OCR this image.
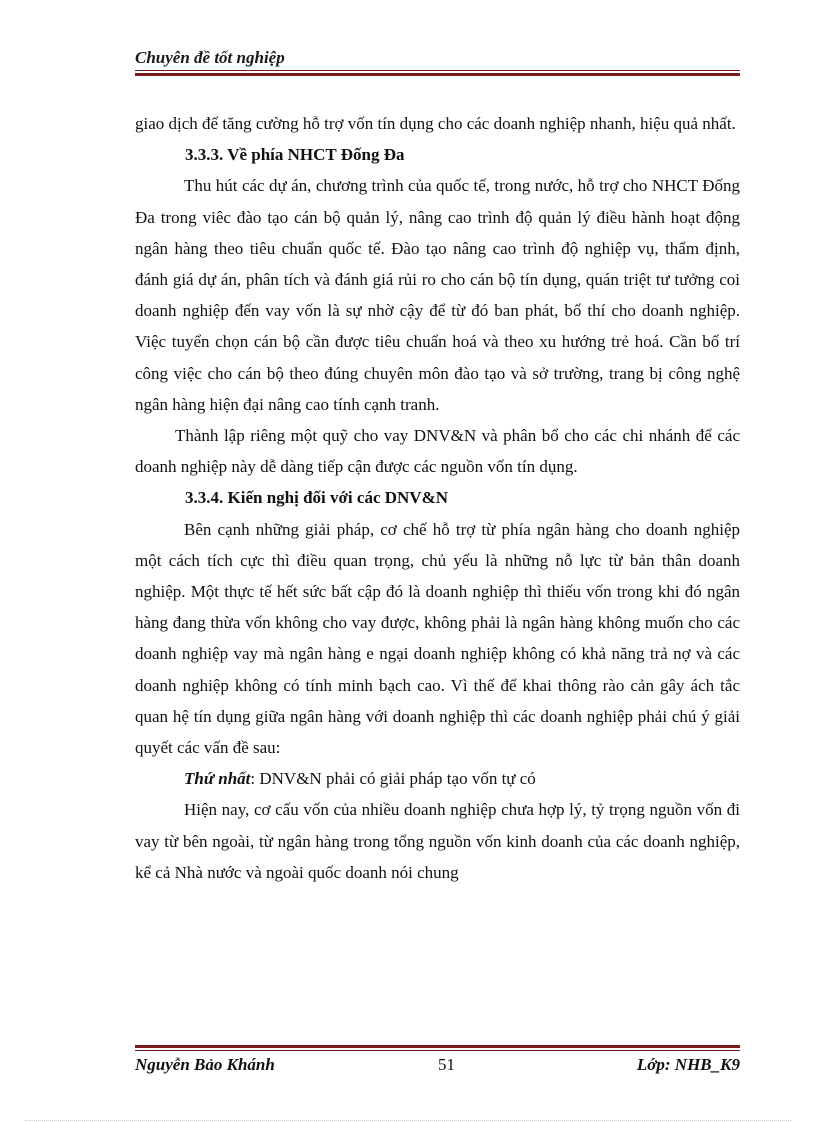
Chuyên đề tốt nghiệp

giao dịch để tăng cường hỗ trợ vốn tín dụng cho các doanh nghiệp nhanh, hiệu quả nhất.

3.3.3. Về phía NHCT Đống Đa

Thu hút các dự án, chương trình của quốc tế, trong nước, hỗ trợ cho NHCT Đống Đa trong viêc đào tạo cán bộ quản lý, nâng cao trình độ quản lý điều hành hoạt động ngân hàng theo tiêu chuẩn quốc tế. Đào tạo nâng cao trình độ nghiệp vụ, thẩm định, đánh giá dự án, phân tích và đánh giá rủi ro cho cán bộ tín dụng, quán triệt tư tưởng coi doanh nghiệp đến vay vốn là sự nhờ cậy để từ đó ban phát, bố thí cho doanh nghiệp. Việc tuyển chọn cán bộ cần được tiêu chuẩn hoá và theo xu hướng trẻ hoá. Cần bố trí công việc cho cán bộ theo đúng chuyên môn đào tạo và sở trường, trang bị công nghệ ngân hàng hiện đại nâng cao tính cạnh tranh.

Thành lập riêng một quỹ cho vay DNV&N và phân bổ cho các chi nhánh để các doanh nghiệp này dễ dàng tiếp cận được các nguồn vốn tín dụng.

3.3.4. Kiến nghị đối với các DNV&N

Bên cạnh những giải pháp, cơ chế hỗ trợ từ phía ngân hàng cho doanh nghiệp một cách tích cực thì điều quan trọng, chủ yếu là những nỗ lực từ bản thân doanh nghiệp. Một thực tế hết sức bất cập đó là doanh nghiệp thì thiếu vốn trong khi đó ngân hàng đang thừa vốn không cho vay được, không phải là ngân hàng không muốn cho các doanh nghiệp vay mà ngân hàng e ngại doanh nghiệp không có khả năng trả nợ và các doanh nghiệp không có tính minh bạch cao. Vì thế để khai thông rào cản gây ách tắc quan hệ tín dụng giữa ngân hàng với doanh nghiệp thì các doanh nghiệp phải chú ý giải quyết các vấn đề sau:

Thứ nhất: DNV&N phải có giải pháp tạo vốn tự có

Hiện nay, cơ cấu vốn của nhiều doanh nghiệp chưa hợp lý, tỷ trọng nguồn vốn đi vay từ bên ngoài, từ ngân hàng trong tổng nguồn vốn kinh doanh của các doanh nghiệp, kể cả Nhà nước và ngoài quốc doanh nói chung

Nguyễn Bảo Khánh	51	Lớp: NHB_K9
